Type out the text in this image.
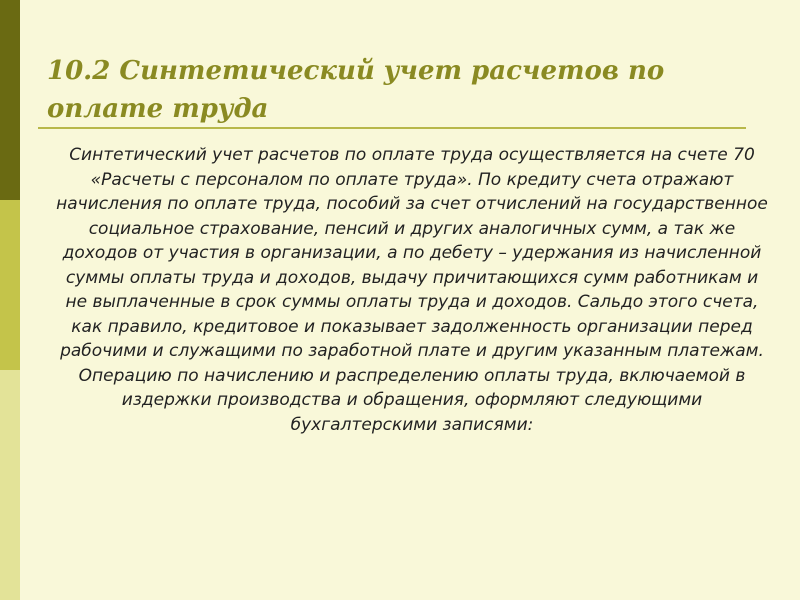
10.2 Синтетический учет расчетов по оплате труда

Синтетический учет расчетов по оплате труда осуществляется на счете 70 «Расчеты с персоналом по оплате труда». По кредиту счета отражают начисления по оплате труда, пособий за счет отчислений на государственное социальное страхование, пенсий и других аналогичных сумм, а так же доходов от участия в организации, а по дебету – удержания из начисленной суммы оплаты труда и доходов, выдачу причитающихся сумм работникам и не выплаченные в срок суммы оплаты труда и доходов. Сальдо этого счета, как правило, кредитовое и показывает задолженность организации перед рабочими и служащими по заработной плате и другим указанным платежам.

Операцию по начислению и распределению оплаты труда, включаемой в издержки производства и обращения, оформляют следующими бухгалтерскими записями:
